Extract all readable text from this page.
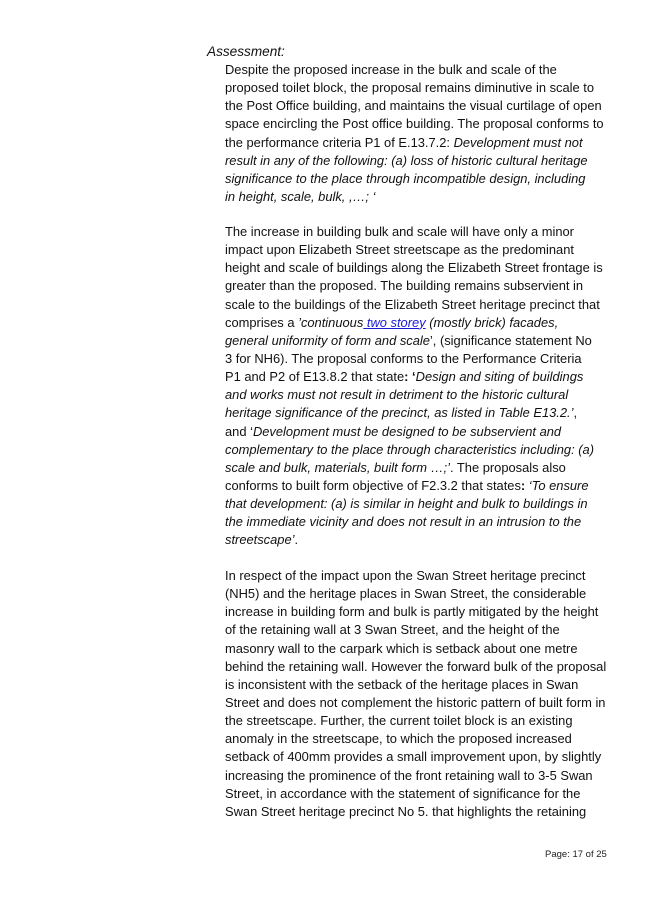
Assessment:

Despite the proposed increase in the bulk and scale of the
proposed toilet block, the proposal remains diminutive in scale to
the Post Office building, and maintains the visual curtilage of open
space encircling the Post office building. The proposal conforms to
the performance criteria P1 of E.13.7.2: Development must not
result in any of the following: (a) loss of historic cultural heritage
significance to the place through incompatible design, including
in height, scale, bulk, ,…; ‘
The increase in building bulk and scale will have only a minor
impact upon Elizabeth Street streetscape as the predominant
height and scale of buildings along the Elizabeth Street frontage is
greater than the proposed. The building remains subservient in
scale to the buildings of the Elizabeth Street heritage precinct that
comprises a ’continuous two storey (mostly brick) facades,
general uniformity of form and scale’, (significance statement No
3 for NH6). The proposal conforms to the Performance Criteria
P1 and P2 of E13.8.2 that state: ‘Design and siting of buildings
and works must not result in detriment to the historic cultural
heritage significance of the precinct, as listed in Table E13.2.’,
and ‘Development must be designed to be subservient and
complementary to the place through characteristics including: (a)
scale and bulk, materials, built form …;’. The proposals also
conforms to built form objective of F2.3.2 that states: ‘To ensure
that development: (a) is similar in height and bulk to buildings in
the immediate vicinity and does not result in an intrusion to the
streetscape’.
In respect of the impact upon the Swan Street heritage precinct
(NH5) and the heritage places in Swan Street, the considerable
increase in building form and bulk is partly mitigated by the height
of the retaining wall at 3 Swan Street, and the height of the
masonry wall to the carpark which is setback about one metre
behind the retaining wall. However the forward bulk of the proposal
is inconsistent with the setback of the heritage places in Swan
Street and does not complement the historic pattern of built form in
the streetscape. Further, the current toilet block is an existing
anomaly in the streetscape, to which the proposed increased
setback of 400mm provides a small improvement upon, by slightly
increasing the prominence of the front retaining wall to 3-5 Swan
Street, in accordance with the statement of significance for the
Swan Street heritage precinct No 5. that highlights the retaining

Page: 17 of 25
